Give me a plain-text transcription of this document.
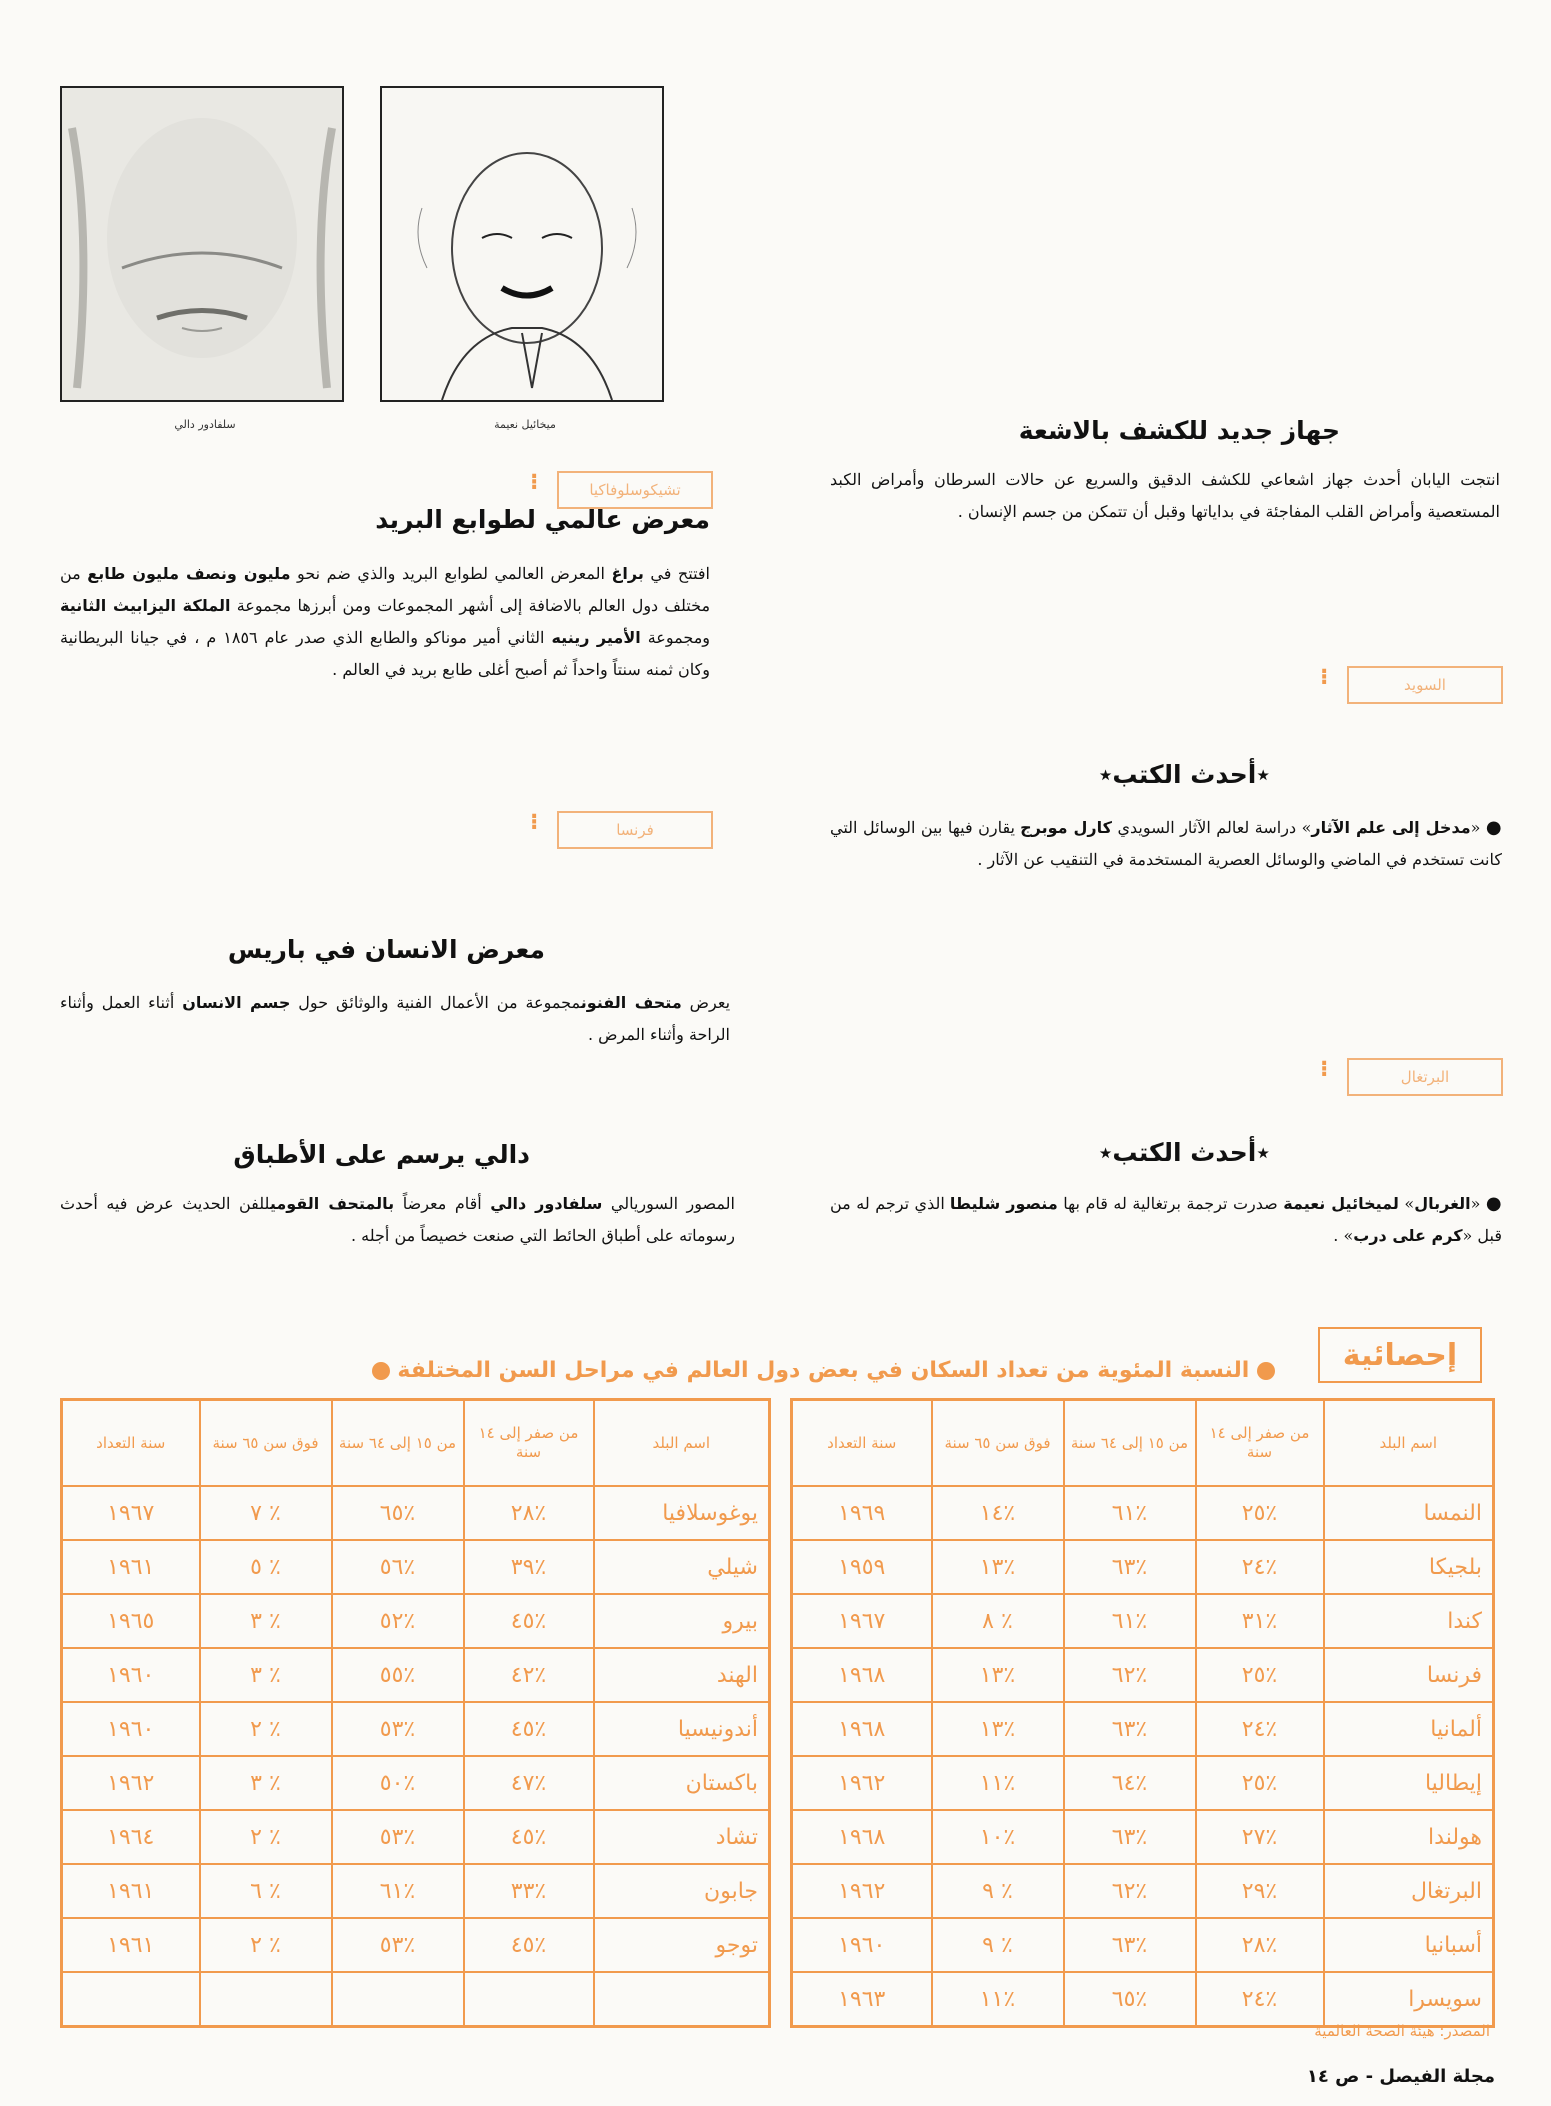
سلفادور دالي	ميخائيل نعيمة
تشيكوسلوفاكيا
⁝
معرض عالمي لطوابع البريد
افتتح في براغ المعرض العالمي لطوابع البريد والذي ضم نحو مليون ونصف مليون طابع من مختلف دول العالم بالاضافة إلى أشهر المجموعات ومن أبرزها مجموعة الملكة اليزابيث الثانية ومجموعة الأمير رينيه الثاني أمير موناكو والطابع الذي صدر عام ١٨٥٦ م ، في جيانا البريطانية وكان ثمنه سنتاً واحداً ثم أصبح أغلى طابع بريد في العالم .
فرنسا
⁝
معرض الانسان في باريس
يعرض متحف الفنونمجموعة من الأعمال الفنية والوثائق حول جسم الانسان أثناء العمل وأثناء الراحة وأثناء المرض .
دالي يرسم على الأطباق
المصور السوريالي سلفادور دالي أقام معرضاً بالمتحف القوميللفن الحديث عرض فيه أحدث رسوماته على أطباق الحائط التي صنعت خصيصاً من أجله .
جهاز جديد للكشف بالاشعة
انتجت اليابان أحدث جهاز اشعاعي للكشف الدقيق والسريع عن حالات السرطان وأمراض الكبد المستعصية وأمراض القلب المفاجئة في بداياتها وقبل أن تتمكن من جسم الإنسان .
السويد
⁝
٭أحدث الكتب٭
● «مدخل إلى علم الآثار» دراسة لعالم الآثار السويدي كارل موبرج يقارن فيها بين الوسائل التي كانت تستخدم في الماضي والوسائل العصرية المستخدمة في التنقيب عن الآثار .
البرتغال
⁝
٭أحدث الكتب٭
● «الغربال» لميخائيل نعيمة صدرت ترجمة برتغالية له قام بها منصور شليطا الذي ترجم له من قبل «كرم على درب» .
إحصائية
النسبة المئوية من تعداد السكان في بعض دول العالم في مراحل السن المختلفة
اسم البلد	من صفر إلى ١٤ سنة	من ١٥ إلى ٦٤ سنة	فوق سن ٦٥ سنة	سنة التعداد
النمسا	٪٢٥	٪٦١	٪١٤	١٩٦٩
بلجيكا	٪٢٤	٪٦٣	٪١٣	١٩٥٩
كندا	٪٣١	٪٦١	٪ ٨	١٩٦٧
فرنسا	٪٢٥	٪٦٢	٪١٣	١٩٦٨
ألمانيا	٪٢٤	٪٦٣	٪١٣	١٩٦٨
إيطاليا	٪٢٥	٪٦٤	٪١١	١٩٦٢
هولندا	٪٢٧	٪٦٣	٪١٠	١٩٦٨
البرتغال	٪٢٩	٪٦٢	٪ ٩	١٩٦٢
أسبانيا	٪٢٨	٪٦٣	٪ ٩	١٩٦٠
سويسرا	٪٢٤	٪٦٥	٪١١	١٩٦٣
اسم البلد	من صفر إلى ١٤ سنة	من ١٥ إلى ٦٤ سنة	فوق سن ٦٥ سنة	سنة التعداد
يوغوسلافيا	٪٢٨	٪٦٥	٪ ٧	١٩٦٧
شيلي	٪٣٩	٪٥٦	٪ ٥	١٩٦١
بيرو	٪٤٥	٪٥٢	٪ ٣	١٩٦٥
الهند	٪٤٢	٪٥٥	٪ ٣	١٩٦٠
أندونيسيا	٪٤٥	٪٥٣	٪ ٢	١٩٦٠
باكستان	٪٤٧	٪٥٠	٪ ٣	١٩٦٢
تشاد	٪٤٥	٪٥٣	٪ ٢	١٩٦٤
جابون	٪٣٣	٪٦١	٪ ٦	١٩٦١
توجو	٪٤٥	٪٥٣	٪ ٢	١٩٦١

المصدر: هيئة الصحة العالمية
مجلة الفيصل - ص ١٤
